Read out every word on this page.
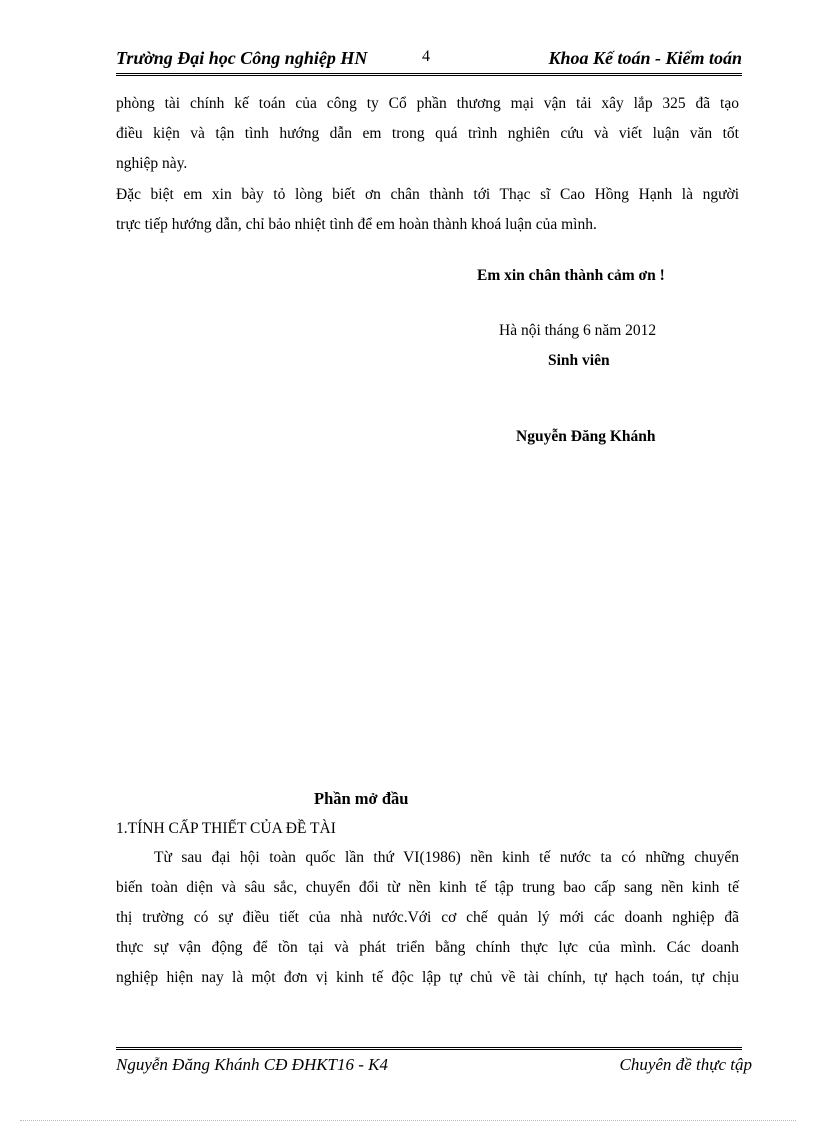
Trường Đại học Công nghiệp HN	4	Khoa Kế toán - Kiểm toán
phòng tài chính kế toán của công ty Cổ phần thương mại vận tải xây lắp 325 đã tạo
điều kiện và tận tình hướng dẫn em trong quá trình nghiên cứu và viết luận văn tốt
nghiệp này.
Đặc biệt em xin bày tỏ lòng biết ơn chân thành tới Thạc sĩ Cao Hồng Hạnh là người
trực tiếp hướng dẫn, chỉ bảo nhiệt tình để em hoàn thành khoá luận của mình.
Em xin chân thành cảm ơn !
Hà nội tháng 6 năm 2012
Sinh viên
Nguyễn Đăng Khánh
Phần mở đầu
1.TÍNH CẤP THIẾT CỦA ĐỀ TÀI
Từ sau đại hội toàn quốc lần thứ VI(1986) nền kinh tế nước ta có những chuyển
biến toàn diện và sâu sắc, chuyển đổi từ nền kinh tế tập trung bao cấp sang nền kinh tế
thị trường có sự điều tiết của nhà nước.Với cơ chế quản lý mới các doanh nghiệp đã
thực sự vận động để tồn tại và phát triển bằng chính thực lực của mình. Các doanh
nghiệp hiện nay là một đơn vị kinh tế độc lập tự chủ về tài chính, tự hạch toán, tự chịu
Nguyễn Đăng Khánh CĐ ĐHKT16 - K4	Chuyên đề thực tập
